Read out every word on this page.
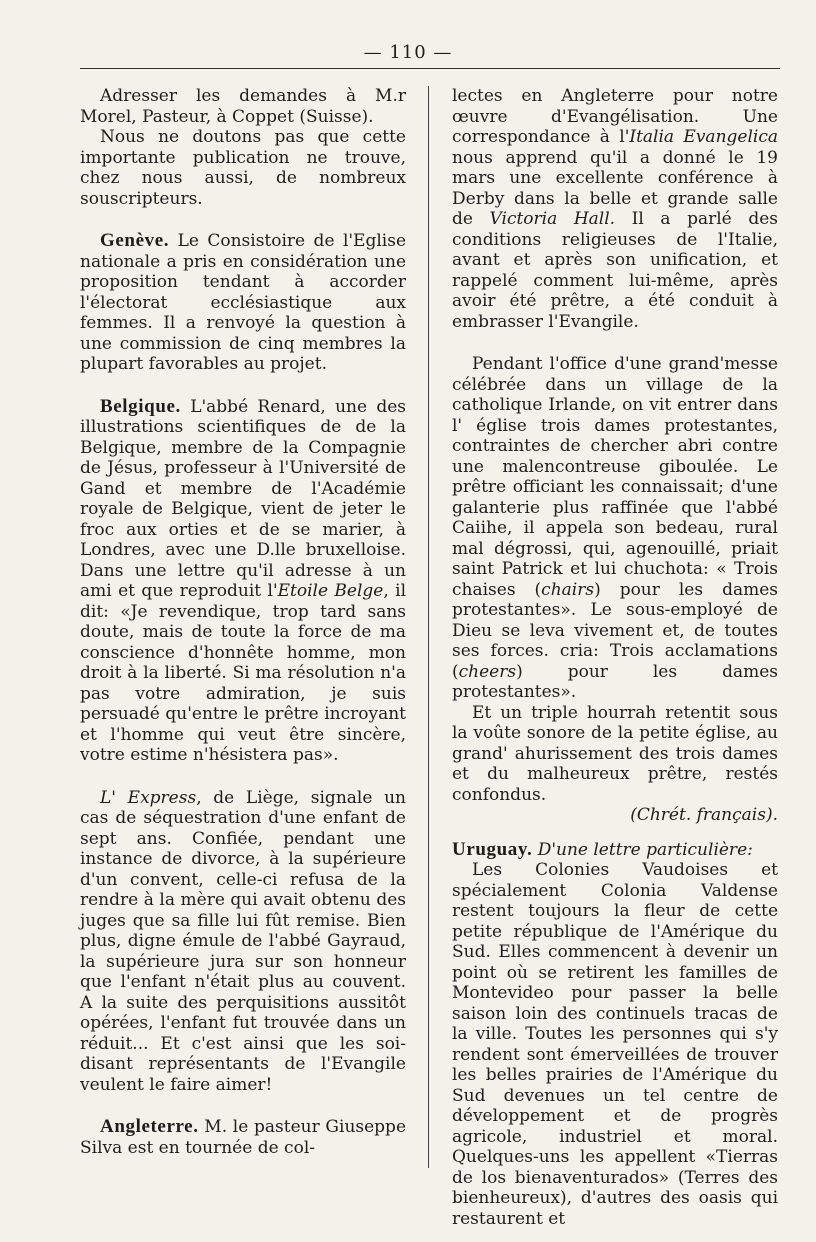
— 110 —

Adresser les demandes à M.r Morel, Pasteur, à Coppet (Suisse).

Nous ne doutons pas que cette importante publication ne trouve, chez nous aussi, de nombreux souscripteurs.

Genève. Le Consistoire de l'Eglise nationale a pris en considération une proposition tendant à accorder l'électorat ecclésiastique aux femmes. Il a renvoyé la question à une commission de cinq membres la plupart favorables au projet.

Belgique. L'abbé Renard, une des illustrations scientifiques de de la Belgique, membre de la Compagnie de Jésus, professeur à l'Université de Gand et membre de l'Académie royale de Belgique, vient de jeter le froc aux orties et de se marier, à Londres, avec une D.lle bruxelloise. Dans une lettre qu'il adresse à un ami et que reproduit l'Etoile Belge, il dit: «Je revendique, trop tard sans doute, mais de toute la force de ma conscience d'honnête homme, mon droit à la liberté. Si ma résolution n'a pas votre admiration, je suis persuadé qu'entre le prêtre incroyant et l'homme qui veut être sincère, votre estime n'hésistera pas».

L' Express, de Liège, signale un cas de séquestration d'une enfant de sept ans. Confiée, pendant une instance de divorce, à la supérieure d'un convent, celle-ci refusa de la rendre à la mère qui avait obtenu des juges que sa fille lui fût remise. Bien plus, digne émule de l'abbé Gayraud, la supérieure jura sur son honneur que l'enfant n'était plus au couvent. A la suite des perquisitions aussitôt opérées, l'enfant fut trouvée dans un réduit... Et c'est ainsi que les soi-disant représentants de l'Evangile veulent le faire aimer!

Angleterre. M. le pasteur Giuseppe Silva est en tournée de col-

lectes en Angleterre pour notre œuvre d'Evangélisation. Une correspondance à l'Italia Evangelica nous apprend qu'il a donné le 19 mars une excellente conférence à Derby dans la belle et grande salle de Victoria Hall. Il a parlé des conditions religieuses de l'Italie, avant et après son unification, et rappelé comment lui-même, après avoir été prêtre, a été conduit à embrasser l'Evangile.

Pendant l'office d'une grand'messe célébrée dans un village de la catholique Irlande, on vit entrer dans l' église trois dames protestantes, contraintes de chercher abri contre une malencontreuse giboulée. Le prêtre officiant les connaissait; d'une galanterie plus raffinée que l'abbé Caiihe, il appela son bedeau, rural mal dégrossi, qui, agenouillé, priait saint Patrick et lui chuchota: « Trois chaises (chairs) pour les dames protestantes». Le sous-employé de Dieu se leva vivement et, de toutes ses forces. cria: Trois acclamations (cheers) pour les dames protestantes».

Et un triple hourrah retentit sous la voûte sonore de la petite église, au grand' ahurissement des trois dames et du malheureux prêtre, restés confondus.
(Chrét. français).

Uruguay. D'une lettre particulière:

Les Colonies Vaudoises et spécialement Colonia Valdense restent toujours la fleur de cette petite république de l'Amérique du Sud. Elles commencent à devenir un point où se retirent les familles de Montevideo pour passer la belle saison loin des continuels tracas de la ville. Toutes les personnes qui s'y rendent sont émerveillées de trouver les belles prairies de l'Amérique du Sud devenues un tel centre de développement et de progrès agricole, industriel et moral. Quelques-uns les appellent «Tierras de los bienaventurados» (Terres des bienheureux), d'autres des oasis qui restaurent et
